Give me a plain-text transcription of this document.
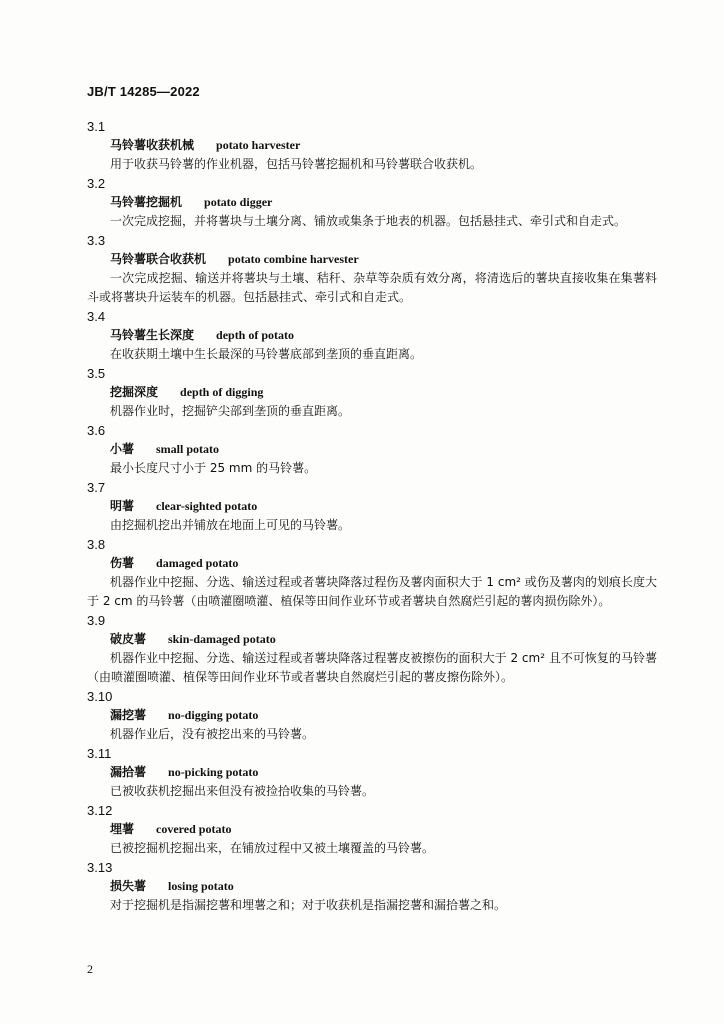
JB/T 14285—2022
3.1
马铃薯收获机械 potato harvester
用于收获马铃薯的作业机器，包括马铃薯挖掘机和马铃薯联合收获机。
3.2
马铃薯挖掘机 potato digger
一次完成挖掘，并将薯块与土壤分离、铺放或集条于地表的机器。包括悬挂式、牵引式和自走式。
3.3
马铃薯联合收获机 potato combine harvester
一次完成挖掘、输送并将薯块与土壤、秸秆、杂草等杂质有效分离，将清选后的薯块直接收集在集薯料斗或将薯块升运装车的机器。包括悬挂式、牵引式和自走式。
3.4
马铃薯生长深度 depth of potato
在收获期土壤中生长最深的马铃薯底部到垄顶的垂直距离。
3.5
挖掘深度 depth of digging
机器作业时，挖掘铲尖部到垄顶的垂直距离。
3.6
小薯 small potato
最小长度尺寸小于 25 mm 的马铃薯。
3.7
明薯 clear-sighted potato
由挖掘机挖出并铺放在地面上可见的马铃薯。
3.8
伤薯 damaged potato
机器作业中挖掘、分选、输送过程或者薯块降落过程伤及薯肉面积大于 1 cm² 或伤及薯肉的划痕长度大于 2 cm 的马铃薯（由喷灌圈喷灌、植保等田间作业环节或者薯块自然腐烂引起的薯肉损伤除外）。
3.9
破皮薯 skin-damaged potato
机器作业中挖掘、分选、输送过程或者薯块降落过程薯皮被擦伤的面积大于 2 cm² 且不可恢复的马铃薯（由喷灌圈喷灌、植保等田间作业环节或者薯块自然腐烂引起的薯皮擦伤除外）。
3.10
漏挖薯 no-digging potato
机器作业后，没有被挖出来的马铃薯。
3.11
漏拾薯 no-picking potato
已被收获机挖掘出来但没有被捡拾收集的马铃薯。
3.12
埋薯 covered potato
已被挖掘机挖掘出来，在铺放过程中又被土壤覆盖的马铃薯。
3.13
损失薯 losing potato
对于挖掘机是指漏挖薯和埋薯之和；对于收获机是指漏挖薯和漏拾薯之和。
2
